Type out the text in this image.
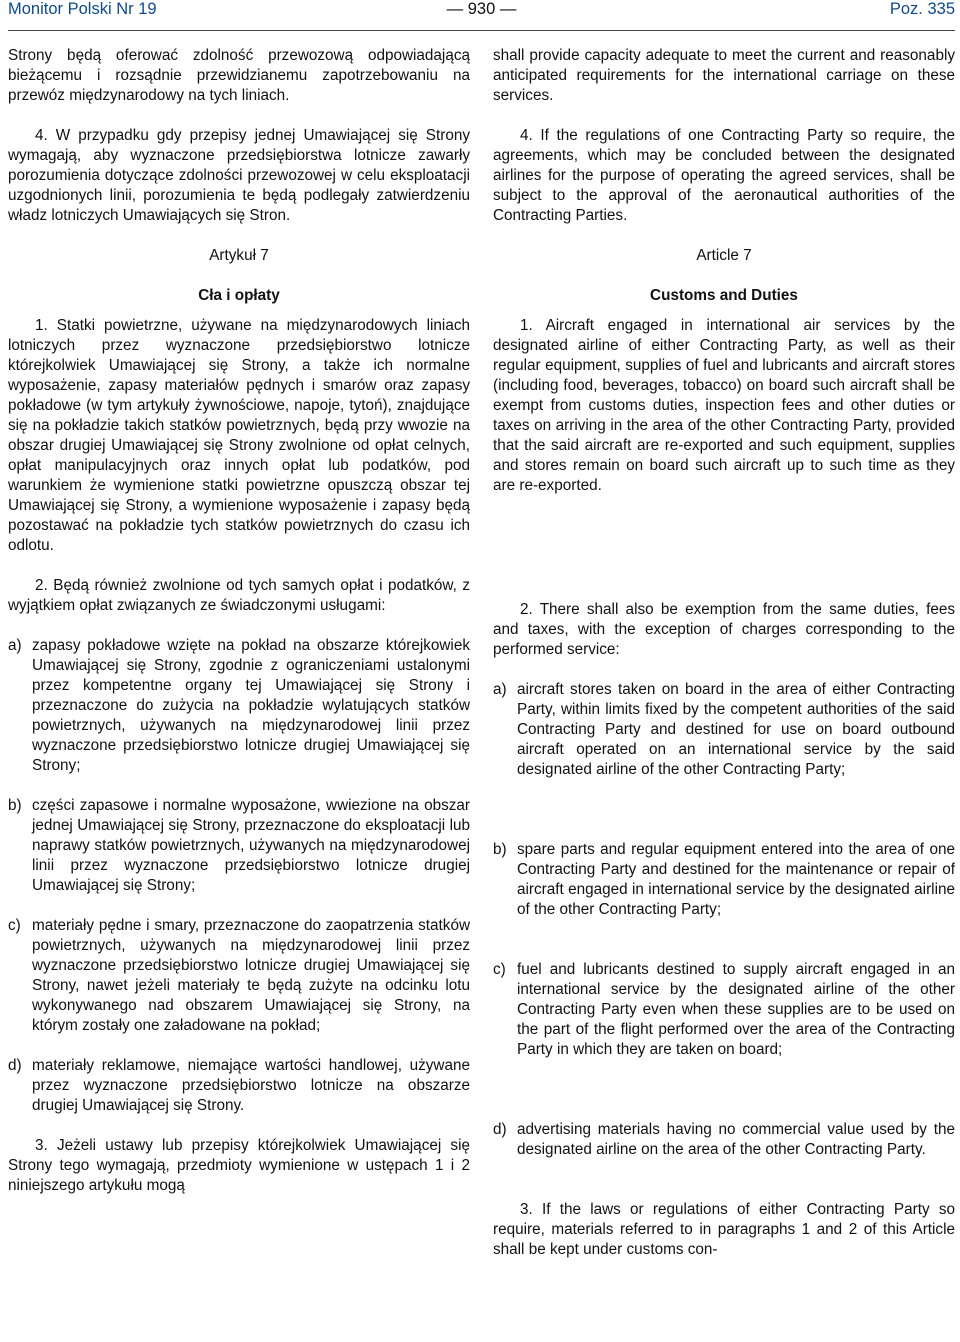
Monitor Polski Nr 19	— 930 —	Poz. 335

Strony będą oferować zdolność przewozową odpowiadającą bieżącemu i rozsądnie przewidzianemu zapotrzebowaniu na przewóz międzynarodowy na tych liniach.

4. W przypadku gdy przepisy jednej Umawiającej się Strony wymagają, aby wyznaczone przedsiębiorstwa lotnicze zawarły porozumienia dotyczące zdolności przewozowej w celu eksploatacji uzgodnionych linii, porozumienia te będą podlegały zatwierdzeniu władz lotniczych Umawiających się Stron.

Artykuł 7

Cła i opłaty

1. Statki powietrzne, używane na międzynarodowych liniach lotniczych przez wyznaczone przedsiębiorstwo lotnicze którejkolwiek Umawiającej się Strony, a także ich normalne wyposażenie, zapasy materiałów pędnych i smarów oraz zapasy pokładowe (w tym artykuły żywnościowe, napoje, tytoń), znajdujące się na pokładzie takich statków powietrznych, będą przy wwozie na obszar drugiej Umawiającej się Strony zwolnione od opłat celnych, opłat manipulacyjnych oraz innych opłat lub podatków, pod warunkiem że wymienione statki powietrzne opuszczą obszar tej Umawiającej się Strony, a wymienione wyposażenie i zapasy będą pozostawać na pokładzie tych statków powietrznych do czasu ich odlotu.

2. Będą również zwolnione od tych samych opłat i podatków, z wyjątkiem opłat związanych ze świadczonymi usługami:

a) zapasy pokładowe wzięte na pokład na obszarze którejkowiek Umawiającej się Strony, zgodnie z ograniczeniami ustalonymi przez kompetentne organy tej Umawiającej się Strony i przeznaczone do zużycia na pokładzie wylatujących statków powietrznych, używanych na międzynarodowej linii przez wyznaczone przedsiębiorstwo lotnicze drugiej Umawiającej się Strony;
b) części zapasowe i normalne wyposażone, wwiezione na obszar jednej Umawiającej się Strony, przeznaczone do eksploatacji lub naprawy statków powietrznych, używanych na międzynarodowej linii przez wyznaczone przedsiębiorstwo lotnicze drugiej Umawiającej się Strony;
c) materiały pędne i smary, przeznaczone do zaopatrzenia statków powietrznych, używanych na międzynarodowej linii przez wyznaczone przedsiębiorstwo lotnicze drugiej Umawiającej się Strony, nawet jeżeli materiały te będą zużyte na odcinku lotu wykonywanego nad obszarem Umawiającej się Strony, na którym zostały one załadowane na pokład;
d) materiały reklamowe, niemające wartości handlowej, używane przez wyznaczone przedsiębiorstwo lotnicze na obszarze drugiej Umawiającej się Strony.

3. Jeżeli ustawy lub przepisy którejkolwiek Umawiającej się Strony tego wymagają, przedmioty wymienione w ustępach 1 i 2 niniejszego artykułu mogą

shall provide capacity adequate to meet the current and reasonably anticipated requirements for the international carriage on these services.

4. If the regulations of one Contracting Party so require, the agreements, which may be concluded between the designated airlines for the purpose of operating the agreed services, shall be subject to the approval of the aeronautical authorities of the Contracting Parties.

Article 7

Customs and Duties

1. Aircraft engaged in international air services by the designated airline of either Contracting Party, as well as their regular equipment, supplies of fuel and lubricants and aircraft stores (including food, beverages, tobacco) on board such aircraft shall be exempt from customs duties, inspection fees and other duties or taxes on arriving in the area of the other Contracting Party, provided that the said aircraft are re-exported and such equipment, supplies and stores remain on board such aircraft up to such time as they are re-exported.

2. There shall also be exemption from the same duties, fees and taxes, with the exception of charges corresponding to the performed service:

a) aircraft stores taken on board in the area of either Contracting Party, within limits fixed by the competent authorities of the said Contracting Party and destined for use on board outbound aircraft operated on an international service by the said designated airline of the other Contracting Party;
b) spare parts and regular equipment entered into the area of one Contracting Party and destined for the maintenance or repair of aircraft engaged in international service by the designated airline of the other Contracting Party;
c) fuel and lubricants destined to supply aircraft engaged in an international service by the designated airline of the other Contracting Party even when these supplies are to be used on the part of the flight performed over the area of the Contracting Party in which they are taken on board;
d) advertising materials having no commercial value used by the designated airline on the area of the other Contracting Party.

3. If the laws or regulations of either Contracting Party so require, materials referred to in paragraphs 1 and 2 of this Article shall be kept under customs con-
